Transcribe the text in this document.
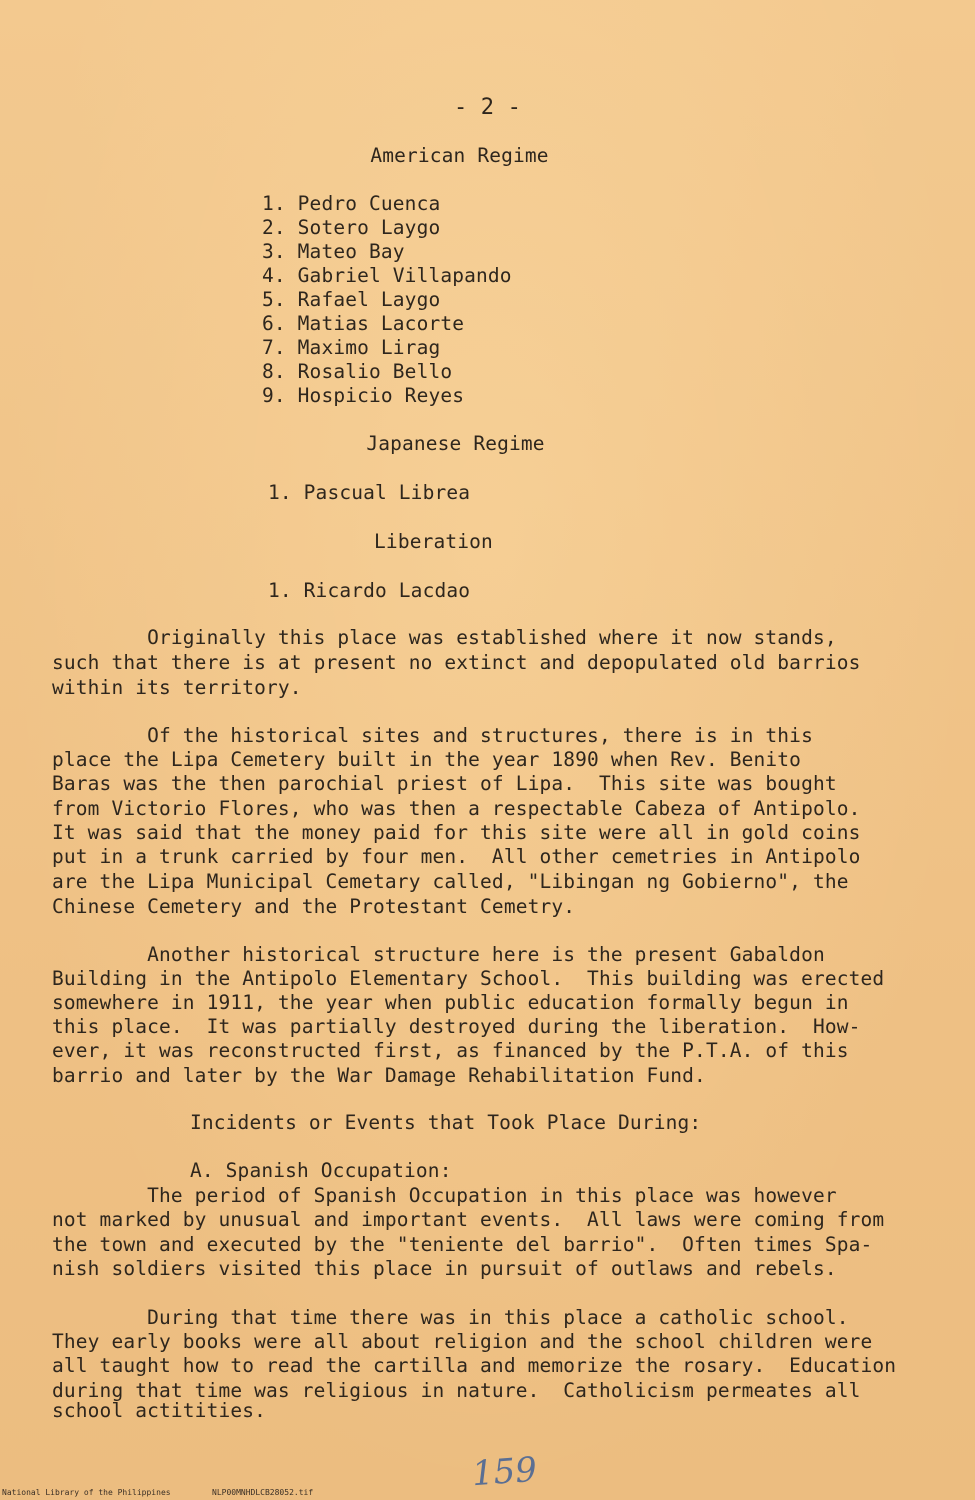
- 2 -
American Regime
1. Pedro Cuenca
2. Sotero Laygo
3. Mateo Bay
4. Gabriel Villapando
5. Rafael Laygo
6. Matias Lacorte
7. Maximo Lirag
8. Rosalio Bello
9. Hospicio Reyes
Japanese Regime
1. Pascual Librea
Liberation
1. Ricardo Lacdao
Originally this place was established where it now stands,
such that there is at present no extinct and depopulated old barrios
within its territory.
Of the historical sites and structures, there is in this
place the Lipa Cemetery built in the year 1890 when Rev. Benito
Baras was the then parochial priest of Lipa.  This site was bought
from Victorio Flores, who was then a respectable Cabeza of Antipolo.
It was said that the money paid for this site were all in gold coins
put in a trunk carried by four men.  All other cemetries in Antipolo
are the Lipa Municipal Cemetary called, "Libingan ng Gobierno", the
Chinese Cemetery and the Protestant Cemetry.
Another historical structure here is the present Gabaldon
Building in the Antipolo Elementary School.  This building was erected
somewhere in 1911, the year when public education formally begun in
this place.  It was partially destroyed during the liberation.  How-
ever, it was reconstructed first, as financed by the P.T.A. of this
barrio and later by the War Damage Rehabilitation Fund.
Incidents or Events that Took Place During:
A. Spanish Occupation:
The period of Spanish Occupation in this place was however
not marked by unusual and important events.  All laws were coming from
the town and executed by the "teniente del barrio".  Often times Spa-
nish soldiers visited this place in pursuit of outlaws and rebels.
During that time there was in this place a catholic school.
They early books were all about religion and the school children were
all taught how to read the cartilla and memorize the rosary.  Education
during that time was religious in nature.  Catholicism permeates all
school actitities.
159
National Library of the Philippines	NLP00MNHDLCB28052.tif
